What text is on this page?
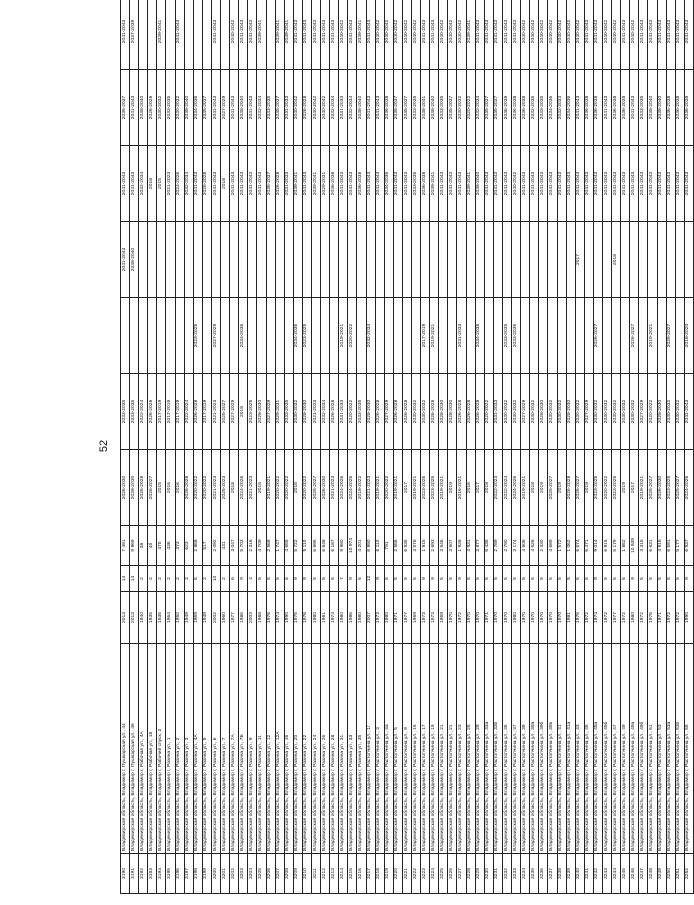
52
3190	Владимирская область, Владимир г, Пушкарская ул., 44	2013	14	7 491	2026-2030	2033-2035		2041-2043	2041-2043	2035-2037	2041-2043
3191	Владимирская область, Владимир г, Пушкарская ул., 46	2013	14	9 969	2028-2030	2033-2035		2038-2040	2041-2043	2041-2043	2037-2039
3192	Владимирская область, Владимир г, Рабочая ул., 4А	1940	2	38	2026-2028	2022-2024			2032-2034	2038-2040	
3193	Владимирская область, Владимир г, Рабочая ул., 18	1935	2	4б	2026-2027	2026-2028			2018	2026-2028	
3194	Владимирская область, Владимир г, Рабочий спуск, 3	1935	2	475	2015	2017-2019			2015	2030-2032	2039-2041
3195	Владимирская область, Владимир г, Разина ул., 1	1964	2	436	2016	2017-2019			2021-2023	2033-2035	
3196	Владимирская область, Владимир г, Разина ул., 2	1950	2	373	2016	2017-2019			2024-2026	2030-2032	2041-2043
3197	Владимирская область, Владимир г, Разина ул., 3	1949	2	623	2026-2028	2022-2024			2032-2034	2038-2040	
3198	Владимирская область, Владимир г, Разина ул., 4А	1969	6	2 868	2020-2022	2026-2028	2023-2025		2041-2043	2034-2036	
3199	Владимирская область, Владимир г, Разина ул., 5	1949	2	517	2020-2022	2017-2019			2026-2028	2035-2037	
3200	Владимирская область, Владимир г, Разина ул., 6	2002	10	2 092	2021-2023	2021-2023	2027-2029		2041-2043	2041-2043	2041-2043
3201	Владимирская область, Владимир г, Разина ул., 7	1960	2	431	2025-2023	2025-2027			2018	2027-2029	
3202	Владимирская область, Владимир г, Разина ул., 7А	1977	6	3 047	2018	2027-2029			2041-2043	2041-2043	2040-2042
3203	Владимирская область, Владимир г, Разина ул., 7Б	1986	9	5 703	2024-2026	2018	2034-2036		2041-2043	2038-2040	2041-2043
3204	Владимирская область, Владимир г, Разина ул., 9	2003	4	2 316	2021-2023	2023-2025			2041-2043	2041-2043	2041-2043
3205	Владимирская область, Владимир г, Разина ул., 11	1988	5	4 709	2015	2028-2030			2041-2043	2032-2034	2039-2041
3206	Владимирская область, Владимир г, Разина ул., 12	1976	5	2 568	2019-2021	2027-2029			2035-2037	2033-2035	
3207	Владимирская область, Владимир г, Разина ул., 12А	1974	5	1 747	2020-2022	2029-2031			2026-2028	2035-2037	2039-2041
3208	Владимирская область, Владимир г, Разина ул., 16	1990	6	4 655	2020-2022	2033-2035			2031-2033	2031-2033	2039-2041
3209	Владимирская область, Владимир г, Разина ул., 20	1976	9	5 722	2016	2030-2032	2034-2036		2039-2041	2040-2042	2041-2043
3210	Владимирская область, Владимир г, Разина ул., 22	1976	9	5 110	2020-2022	2028-2030	2023-2025		2041-2043	2026-2028	2041-2043
3211	Владимирская область, Владимир г, Разина ул., 24	1980	5	6 695	2025-2027	2021-2023			2039-2041	2040-2042	2041-2043
3212	Владимирская область, Владимир г, Разина ул., 26	1981	5	6 648	2026-2030	2032-2034			2029-2031	2040-2042	2041-2043
3213	Владимирская область, Владимир г, Разина ул., 28	1974	5	6 187	2021-2023	2026-2028			2036-2038	2032-2034	2041-2043
3214	Владимирская область, Владимир г, Разина ул., 31	1980	7	9 980	2024-2026	2031-2033	2019-2021		2041-2043	2031-2033	2040-2042
3215	Владимирская область, Владимир г, Разина ул., 33	1986	9	10 974	2024-2026	2020-2022	2020-2022		2041-2043	2032-2034	2041-2043
3216	Владимирская область, Владимир г, Разина ул., 35	1980	5	4 201	2018-2022	2033-2035			2036-2038	2038-2040	2039-2041
3217	Владимирская область, Владимир г, Растопчина ул., 1г	2007	12	6 990	2021-2023	2028-2030	2032-2034		2041-2043	2041-2043	2041-2043
3218	Владимирская область, Владимир г, Растопчина ул., 3	1973	9	6 110	2019-2021	2026-2028			2041-2043	2041-2043	2040-2042
3219	Владимирская область, Владимир г, Растопчина ул., 3а	1980	5	791	2020-2022	2027-2029			2034-2036	2036-2038	2040-2042
3220	Владимирская область, Владимир г, Растопчина ул., 5	1971	5	2 566	2019-2021	2026-2028			2041-2043	2035-2037	2040-2042
3221	Владимирская область, Владимир г, Растопчина ул., 9	1977	5	6 935	2017	2026-2028			2041-2043	2035-2037	2040-2042
3222	Владимирская область, Владимир г, Растопчина ул., 15	1969	5	3 576	2019-2021	2030-2032			2033-2035	2033-2035	2040-2042
3223	Владимирская область, Владимир г, Растопчина ул., 17	1973	9	1 915	2023-2025	2030-2032	2017-2019		2036-2038	2038-2041	2041-2043
3224	Владимирская область, Владимир г, Растопчина ул., 19	1973	9	2 693	2023-2025	2026-2028	2019-2021		2039-2041	2038-2040	2041-2043
3225	Владимирская область, Владимир г, Растопчина ул., 21	1969	5	3 546	2019-2021	2028-2030			2041-2043	2033-2035	2040-2042
3226	Владимирская область, Владимир г, Растопчина ул., 21	1970	5	3 507	2019	2028-2030			2041-2043	2035-2037	2040-2042
3227	Владимирская область, Владимир г, Растопчина ул., 23	1972	9	1 928	2016-2021	2026-2028	2031-2033		2041-2043	2030-2032	2040-2042
3228	Владимирская область, Владимир г, Растопчина ул., 25	1970	5	4 931	2016	2026-2028			2039-2041	2020-2022	2039-2041
3229	Владимирская область, Владимир г, Растопчина ул., 29	1970	5	3 877	2017	2026-2028	2034-2036		2038-2040	2032-2034	2041-2043
3230	Владимирская область, Владимир г, Растопчина ул., 33а	1971	5	6 435	2018	2020-2022			2041-2043	2035-2037	2041-2043
3231	Владимирская область, Владимир г, Растопчина ул., 33б	1970	5	2 789	2022-2024	2031-2033			2041-2043	2035-2037	2041-2043
3232	Владимирская область, Владимир г, Растопчина ул., 35	1970	5	2 790	2022-2024	2030-2032	2033-2035		2041-2043	2036-2038	2041-2043
3233	Владимирская область, Владимир г, Растопчина ул., 37	1980	5	3 174	2024-2026	2030-2032	2033-2035		2040-2042	2036-2038	2041-2043
3234	Владимирская область, Владимир г, Растопчина ул., 39	1970	5	4 506	2019-2021	2027-2029			2041-2043	2036-2038	2040-2042
3235	Владимирская область, Владимир г, Растопчина ул., 39а	1970	5	4 526	2018	2030-2032			2041-2043	2032-2035	2040-2042
3236	Владимирская область, Владимир г, Растопчина ул., 39б	1970	5	2 330	2019	2028-2030			2041-2043	2033-2035	2040-2042
3237	Владимирская область, Владимир г, Растопчина ул., 39в	1970	5	4 689	2025-2027	2030-2032			2041-2043	2034-2036	2040-2042
3238	Владимирская область, Владимир г, Растопчина ул., 41	1970	5	1 572	2019	2030-2032			2041-2043	2032-2034	2040-2042
3239	Владимирская область, Владимир г, Растопчина ул., 41а	1981	5	1 062	2026-2028	2028-2030			2041-2043	2034-2036	2040-2042
3240	Владимирская область, Владимир г, Растопчина ул., 43	1976	5	6 674	2026-2027	2030-2032		2017	2041-2043	2041-2043	2040-2042
3241	Владимирская область, Владимир г, Растопчина ул., 45	1972	5	6 471	2019	2027-2029			2041-2043	2036-2038	2041-2043
3242	Владимирская область, Владимир г, Растопчина ул., 45а	1974	9	9 014	2023-2025	2030-2032	2026-2027		2041-2043	2036-2038	2041-2043
3243	Владимирская область, Владимир г, Растопчина ул., 45б	1972	5	6 915	2020-2022	2030-2032			2041-2043	2041-2043	2040-2042
3244	Владимирская область, Владимир г, Растопчина ул., 47	1977	5	5 179	2023-2025	2030-2032		2018	2041-2043	2036-2038	2040-2042
3245	Владимирская область, Владимир г, Растопчина ул., 49	1972	5	1 852	2019	2030-2032			2041-2043	2036-2038	2041-2043
3246	Владимирская область, Владимир г, Растопчина ул., 49а	1980	9	10 939	2017	2030-2032	2026-2027		2041-2043	2041-2043	2040-2042
3247	Владимирская область, Владимир г, Растопчина ул., 49б	1972	5	3 315	2019-2021	2027-2029			2041-2043	2033-2035	2041-2043
3248	Владимирская область, Владимир г, Растопчина ул., 51	1976	5	6 631	2025-2027	2020-2022	2019-2021		2041-2043	2038-2040	2041-2043
3249	Владимирская область, Владимир г, Растопчина ул., 53	1971	5	4 915	2026-2030	2028-2030			2041-2043	2038-2040	2041-2043
3250	Владимирская область, Владимир г, Растопчина ул., 53а	1972	5	6 591	2023-2025	2030-2032	2025-2027		2041-2043	2036-2038	2041-2043
3251	Владимирская область, Владимир г, Растопчина ул., 53б	1972	5	5 177	2025-2027	2030-2032			2041-2043	2036-2038	2041-2043
3252	Владимирская область, Владимир г, Растопчина ул., 55	1990	9	6 937	2024-2026	2041-2043	2018-2020		2041-2043	2036-2038	2041-2043
